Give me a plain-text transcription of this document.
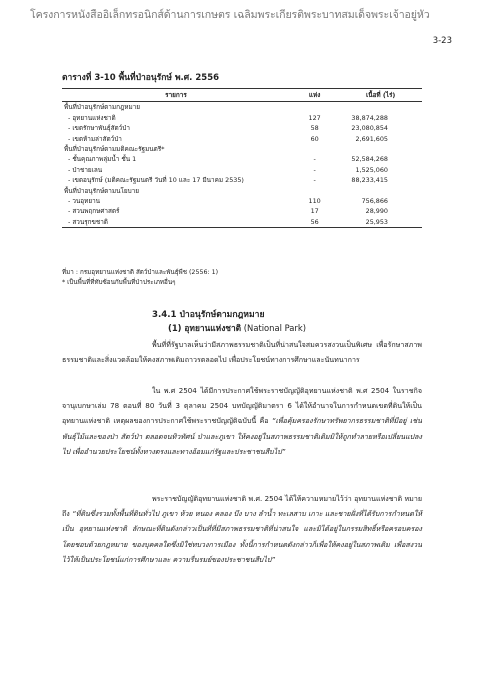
โครงการหนังสืออิเล็กทรอนิกส์ด้านการเกษตร เฉลิมพระเกียรติพระบาทสมเด็จพระเจ้าอยู่หัว
3-23
ตารางที่ 3-10 พื้นที่ป่าอนุรักษ์ พ.ศ. 2556
รายการ	แห่ง	เนื้อที่ (ไร่)
พื้นที่ป่าอนุรักษ์ตามกฎหมาย		
- อุทยานแห่งชาติ	127	38,874,288
- เขตรักษาพันธุ์สัตว์ป่า	58	23,080,854
- เขตห้ามล่าสัตว์ป่า	60	2,691,605
พื้นที่ป่าอนุรักษ์ตามมติคณะรัฐมนตรี*		
- ชั้นคุณภาพลุ่มน้ำ ชั้น 1	-	52,584,268
- ป่าชายเลน	-	1,525,060
- เขตอนุรักษ์ (มติคณะรัฐมนตรี วันที่ 10 และ 17 มีนาคม 2535)	-	88,233,415
พื้นที่ป่าอนุรักษ์ตามนโยบาย		
- วนอุทยาน	110	756,866
- สวนพฤกษศาสตร์	17	28,990
- สวนรุกขชาติ	56	25,953
ที่มา : กรมอุทยานแห่งชาติ สัตว์ป่าและพันธุ์พืช (2556: 1)
* เป็นพื้นที่ที่ทับซ้อนกับพื้นที่ป่าประเภทอื่นๆ
3.4.1 ป่าอนุรักษ์ตามกฎหมาย
(1) อุทยานแห่งชาติ (National Park)
พื้นที่ที่รัฐบาลเห็นว่ามีสภาพธรรมชาติเป็นที่น่าสนใจสมควรสงวนเป็นพิเศษ เพื่อรักษาสภาพธรรมชาติและสิ่งแวดล้อมให้คงสภาพเดิมถาวรตลอดไป เพื่อประโยชน์ทางการศึกษาและนันทนาการ
ใน พ.ศ 2504 ได้มีการประกาศใช้พระราชบัญญัติอุทยานแห่งชาติ พ.ศ 2504 ในราชกิจจานุเบกษาเล่ม 78 ตอนที่ 80 วันที่ 3 ตุลาคม 2504 บทบัญญัติมาตรา 6 ได้ให้อำนาจในการกำหนดเขตที่ดินให้เป็นอุทยานแห่งชาติ เหตุผลของการประกาศใช้พระราชบัญญัติฉบับนี้ คือ “เพื่อคุ้มครองรักษาทรัพยากรธรรมชาติที่มีอยู่ เช่น พันธุ์ไม้และของป่า สัตว์ป่า ตลอดจนทิวทัศน์ ป่าและภูเขา ให้คงอยู่ในสภาพธรรมชาติเดิมมิให้ถูกทำลายหรือเปลี่ยนแปลงไป เพื่ออำนวยประโยชน์ทั้งทางตรงและทางอ้อมแก่รัฐและประชาชนสืบไป”
พระราชบัญญัติอุทยานแห่งชาติ พ.ศ. 2504 ได้ให้ความหมายไว้ว่า อุทยานแห่งชาติ หมายถึง “ที่ดินซึ่งรวมทั้งพื้นที่ดินทั่วไป ภูเขา ห้วย หนอง คลอง บึง บาง ลำน้ำ ทะเลสาบ เกาะ และชายฝั่งที่ได้รับการกำหนดให้เป็น อุทยานแห่งชาติ ลักษณะที่ดินดังกล่าวเป็นที่ที่มีสภาพธรรมชาติที่น่าสนใจ และมิได้อยู่ในกรรมสิทธิ์หรือครอบครองโดยชอบด้วยกฎหมาย ของบุคคลใดซึ่งมิใช่ทบวงการเมือง ทั้งนี้การกำหนดดังกล่าวก็เพื่อให้คงอยู่ในสภาพเดิม เพื่อสงวนไว้ให้เป็นประโยชน์แก่การศึกษาและ ความรื่นรมย์ของประชาชนสืบไป”
